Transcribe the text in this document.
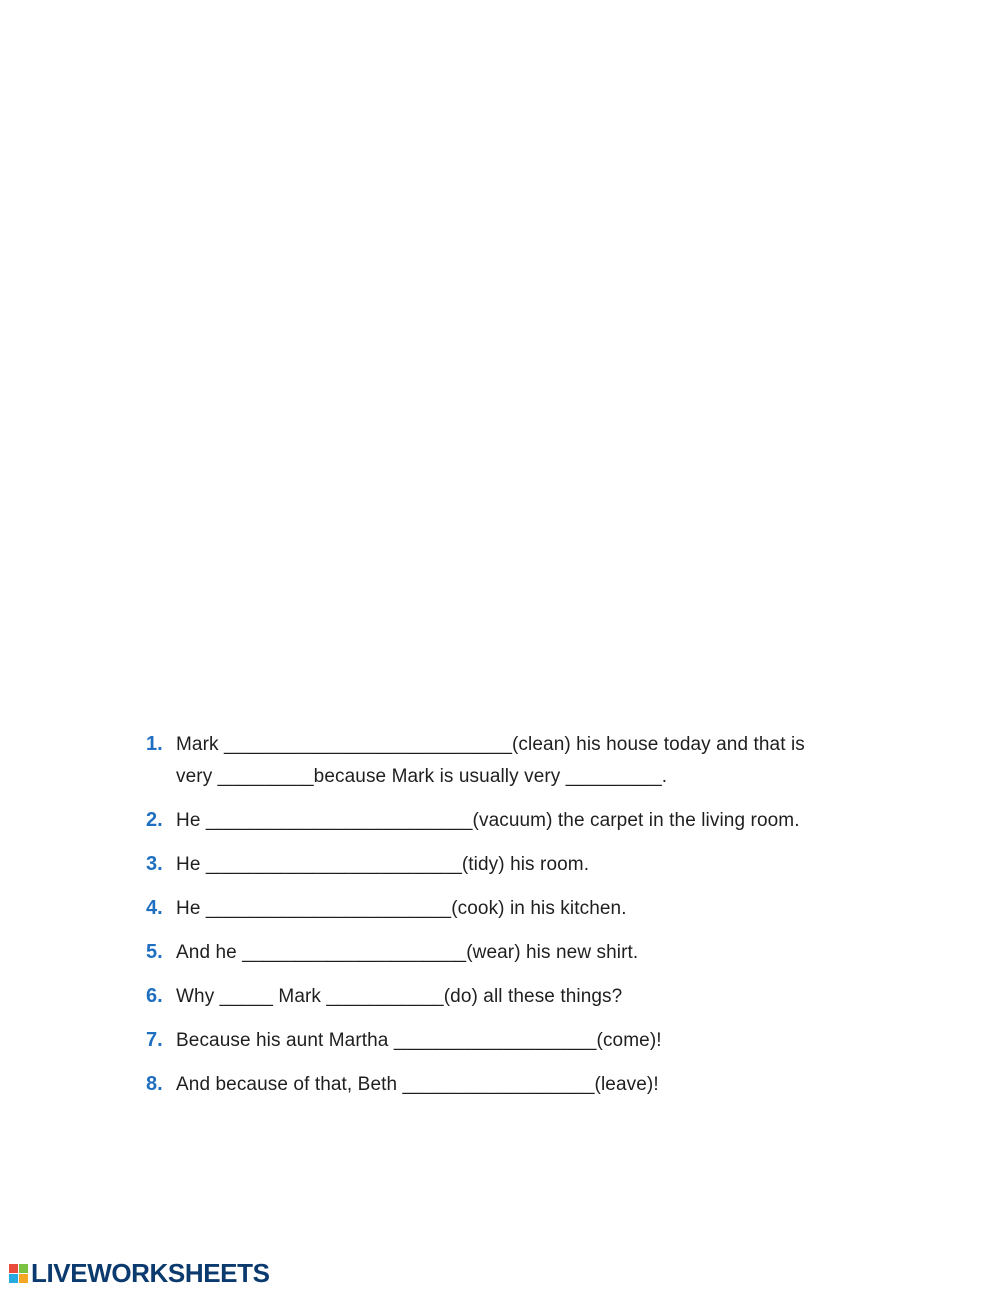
1. Mark ___________________________(clean) his house today and that is
very _________because Mark is usually very _________.
2. He _________________________(vacuum) the carpet in the living room.
3. He ________________________(tidy) his room.
4. He _______________________(cook) in his kitchen.
5. And he _____________________(wear) his new shirt.
6. Why _____ Mark ___________(do) all these things?
7. Because his aunt Martha ___________________(come)!
8. And because of that, Beth __________________(leave)!
LIVEWORKSHEETS
